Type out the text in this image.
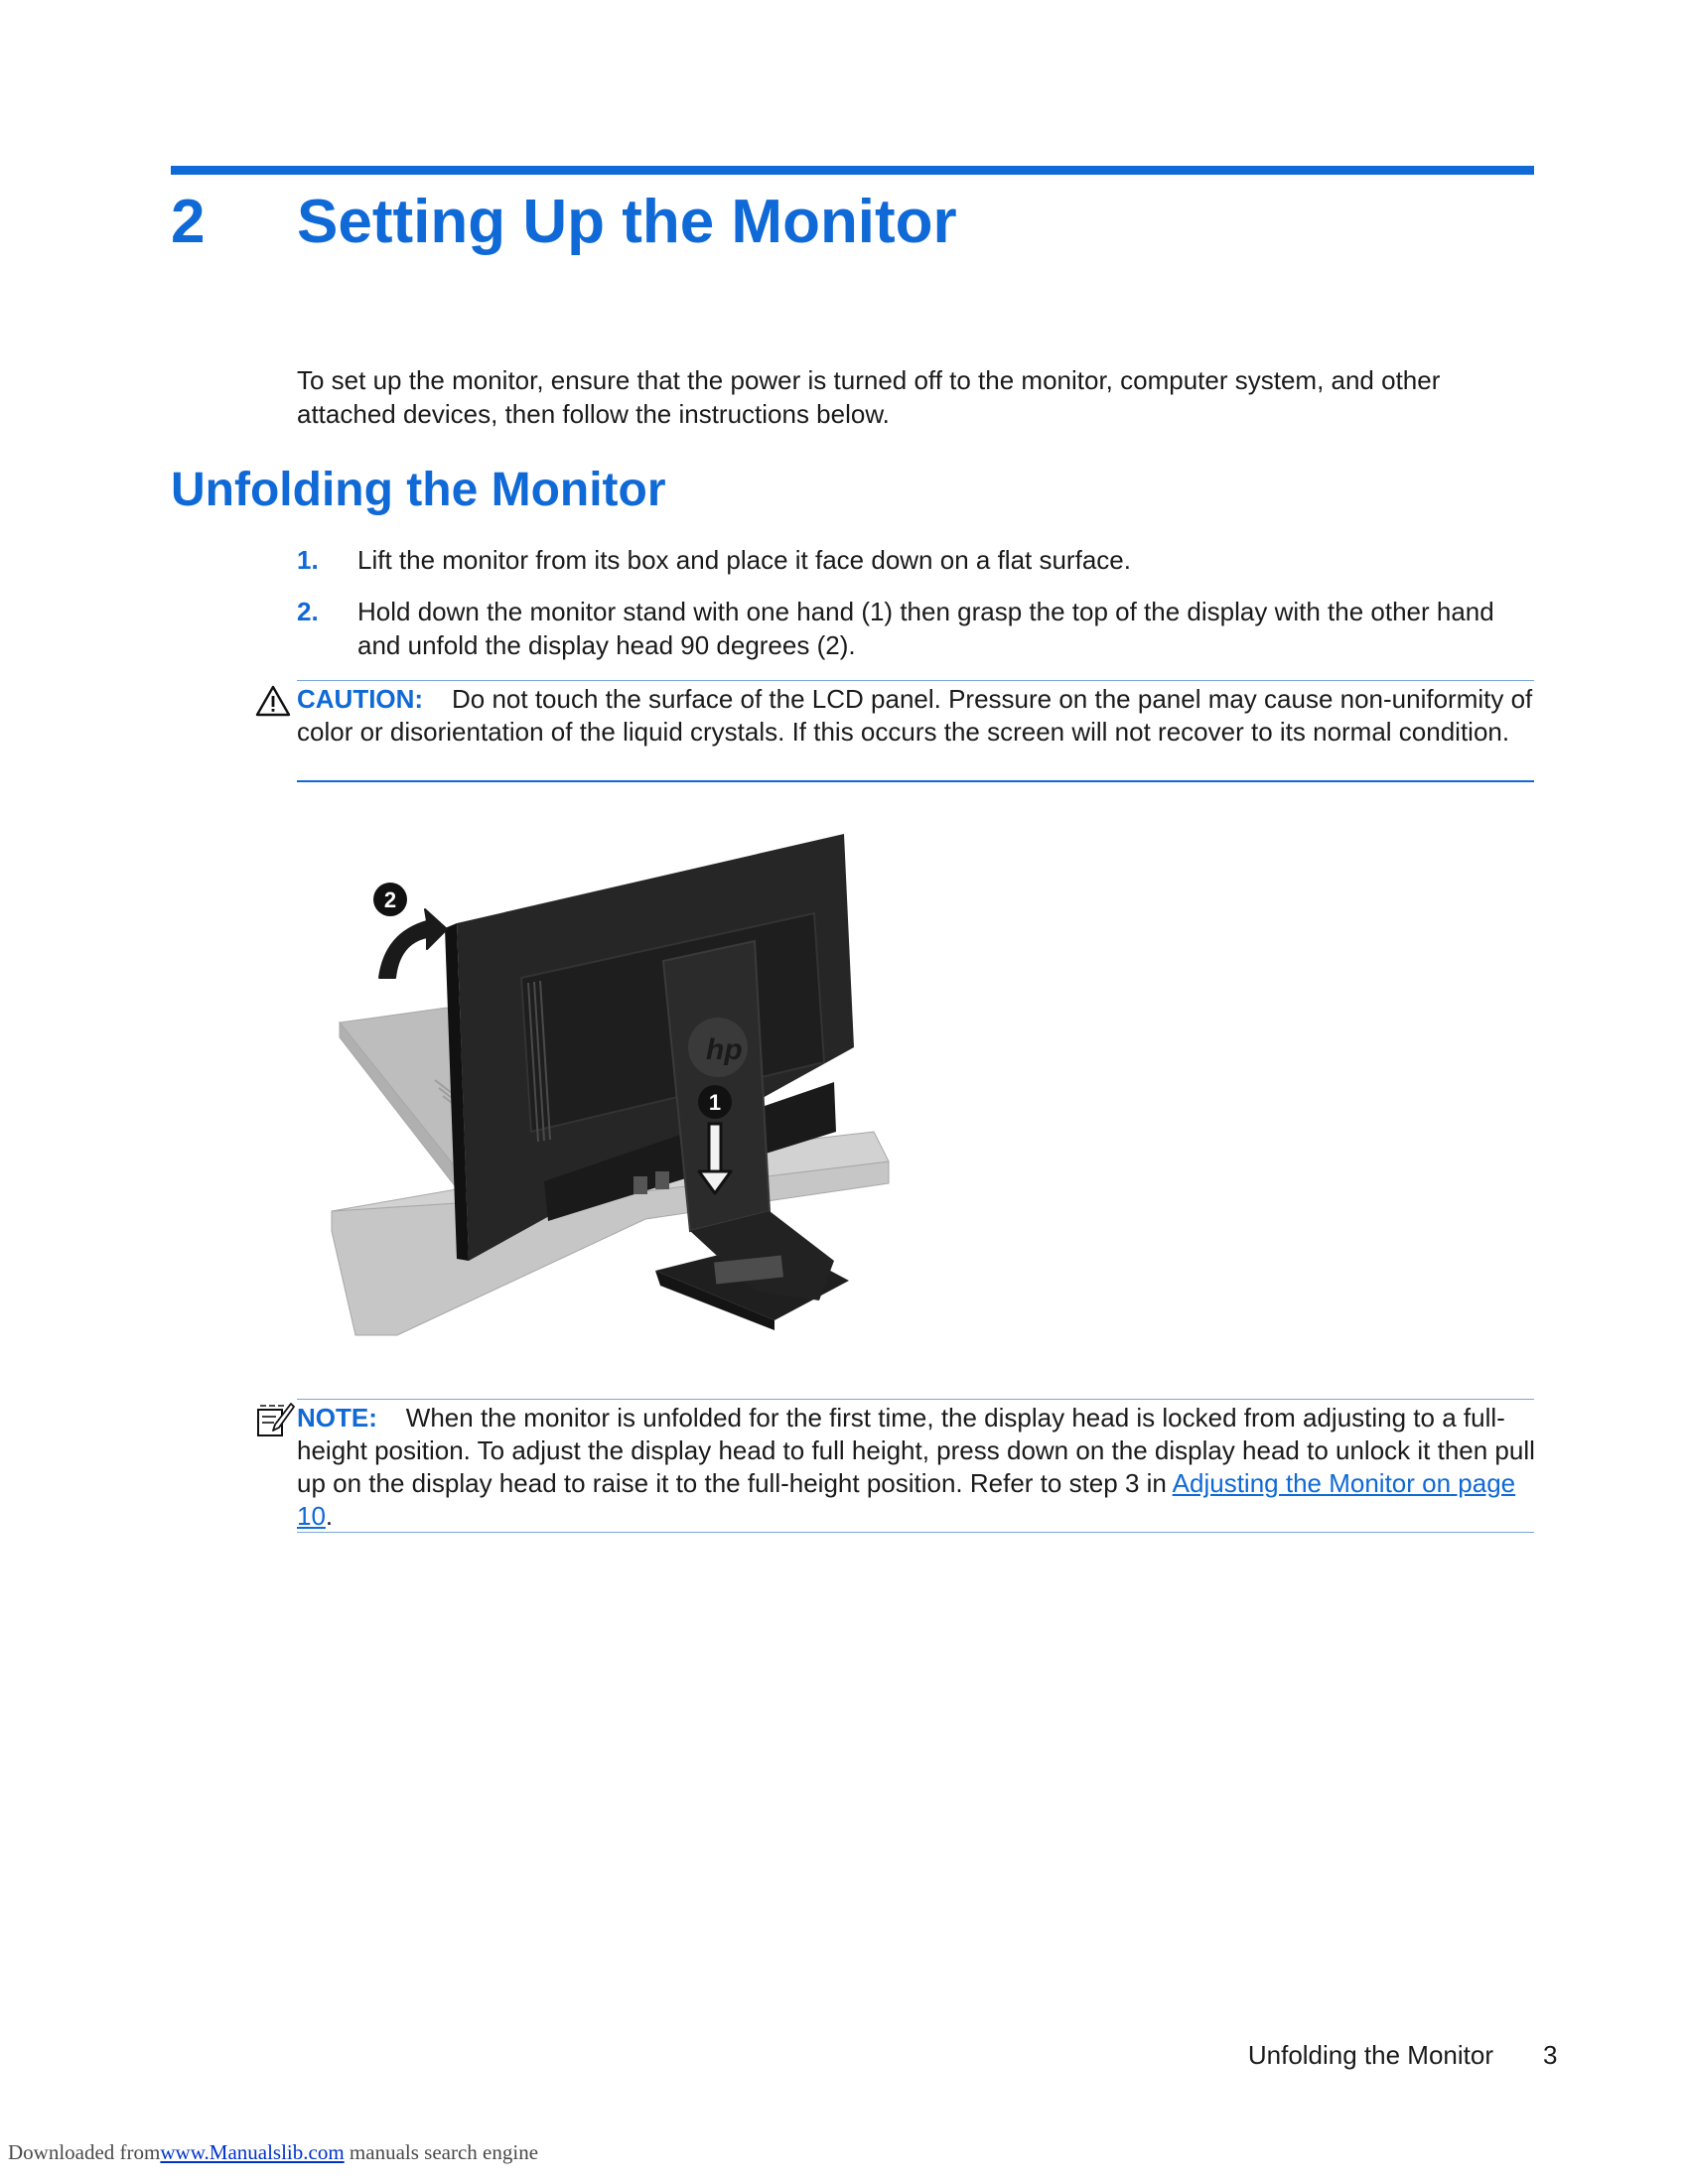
2 Setting Up the Monitor
To set up the monitor, ensure that the power is turned off to the monitor, computer system, and other attached devices, then follow the instructions below.
Unfolding the Monitor
1. Lift the monitor from its box and place it face down on a flat surface.
2. Hold down the monitor stand with one hand (1) then grasp the top of the display with the other hand and unfold the display head 90 degrees (2).
CAUTION: Do not touch the surface of the LCD panel. Pressure on the panel may cause non-uniformity of color or disorientation of the liquid crystals. If this occurs the screen will not recover to its normal condition.
hp
1
2
NOTE: When the monitor is unfolded for the first time, the display head is locked from adjusting to a full-height position. To adjust the display head to full height, press down on the display head to unlock it then pull up on the display head to raise it to the full-height position. Refer to step 3 in Adjusting the Monitor on page 10.
Unfolding the Monitor 3
Downloaded fromwww.Manualslib.com manuals search engine
